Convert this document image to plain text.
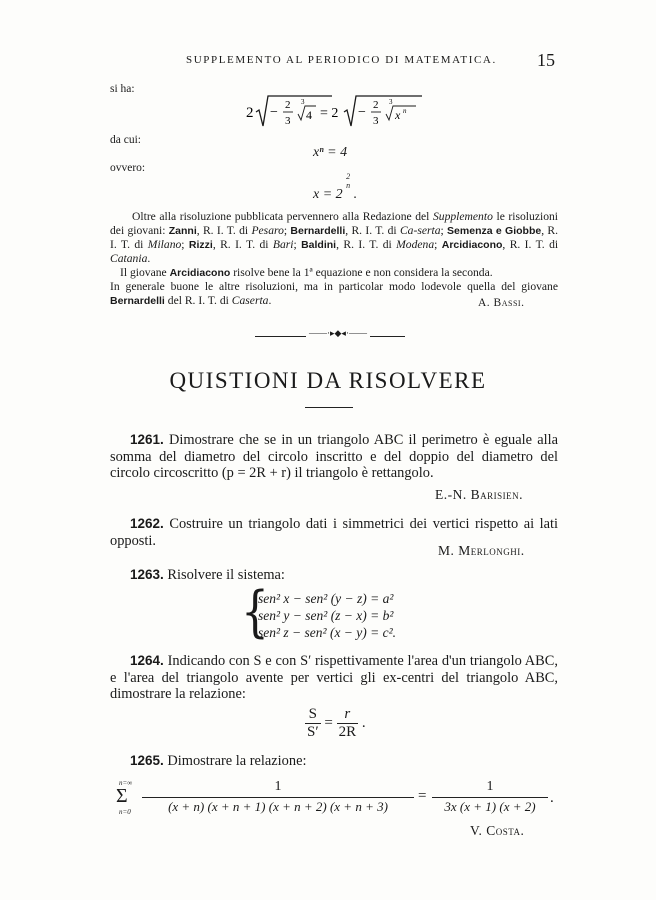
SUPPLEMENTO AL PERIODICO DI MATEMATICA. 15
si ha:
2 − 2
3
3
4 = 2 − 2
3
3
x n
da cui:
xⁿ = 4
ovvero:
x = 2
2
n
.

Oltre alla risoluzione pubblicata pervennero alla Redazione del Supplemento le risoluzioni dei giovani: Zanni, R. I. T. di Pesaro; Bernardelli, R. I. T. di Ca-serta; Semenza e Giobbe, R. I. T. di Milano; Rizzi, R. I. T. di Bari; Baldini, R. I. T. di Modena; Arcidiacono, R. I. T. di Catania.

Il giovane Arcidiacono risolve bene la 1ª equazione e non considera la seconda.

In generale buone le altre risoluzioni, ma in particolar modo lodevole quella del giovane Bernardelli del R. I. T. di Caserta.	A. Bassi.
——·▸◆◂·——
QUISTIONI DA RISOLVERE
1261. Dimostrare che se in un triangolo ABC il perimetro è eguale alla somma del diametro del circolo inscritto e del doppio del diametro del circolo circoscritto (p = 2R + r) il triangolo è rettangolo.
E.-N. Barisien.
1262. Costruire un triangolo dati i simmetrici dei vertici rispetto ai lati opposti.
M. Merlonghi.
1263. Risolvere il sistema:
{
sen² x − sen² (y − z) = a²
sen² y − sen² (z − x) = b²
sen² z − sen² (x − y) = c².
1264. Indicando con S e con S′ rispettivamente l'area d'un triangolo ABC, e l'area del triangolo avente per vertici gli ex-centri del triangolo ABC, dimostrare la relazione:
$\frac{S}{S'} = \frac{r}{2R}$ .
1265. Dimostrare la relazione:
n=∞
Σ
n=0
1
(x + n) (x + n + 1) (x + n + 2) (x + n + 3)
=
1
3x (x + 1) (x + 2)
.
V. Costa.
